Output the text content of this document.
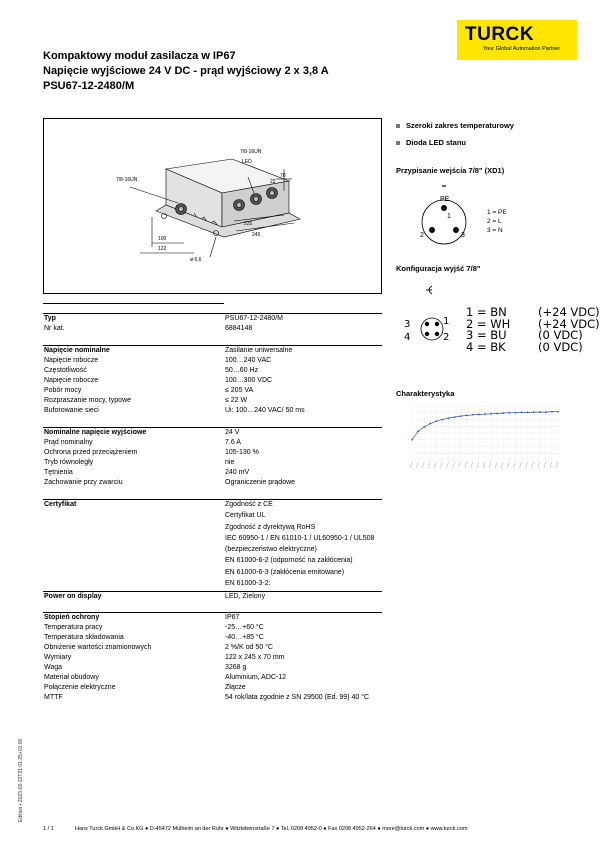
TURCK
Your Global Automation Partner
Kompaktowy moduł zasilacza w IP67
Napięcie wyjściowe 24 V DC - prąd wyjściowy 2 x 3,8 A
PSU67-12-2480/M
7/8-16UN
7/8-16UN
LED
70
22
225
245
100
122
ø 6,6
Typ	PSU67-12-2480/M
Nr kat.	6884148
Napięcie nominalne	Zasilanie uniwersalne
Napięcie robocze	100…240 VAC
Częstotliwość	50…60 Hz
Napięcie robocze	100…300 VDC
Pobór mocy	≤ 205 VA
Rozpraszanie mocy, typowe	≤ 22 W
Buforowanie sieci	Ui: 100…240 VAC/ 50 ms
Nominalne napięcie wyjściowe	24 V
Prąd nominalny	7.6 A
Ochrona przed przeciążeniem	105-130 %
Tryb równoległy	nie
Tętnienia	240 mV
Zachowanie przy zwarciu	Ograniczenie prądowe
Certyfikat	Zgodność z CE
Certyfikat UL
Zgodność z dyrektywą RoHS
IEC 60950-1 / EN 61010-1 / UL60950-1 / UL508
(bezpieczeństwo elektryczne)
EN 61000-6-2 (odporność na zakłócenia)
EN 61000-6-3 (zakłócenia emitowane)
EN 61000-3-2:
Power on display	LED, Zielony
Stopień ochrony	IP67
Temperatura pracy	-25…+60 °C
Temperatura składowania	-40…+85 °C
Obniżenie wartości znamionowych	2 %/K od 50 °C
Wymiary	122 x 245 x 70 mm
Waga	3268 g
Materiał obudowy	Aluminium, ADC-12
Połączenie elektryczne	Złącze
MTTF	54 rok/lata zgodnie z SN 29500 (Ed. 99) 40 °C
Szeroki zakres temperaturowy
Dioda LED stanu
Przypisanie wejścia 7/8" (XD1)
PE
1
2	3
1 = PE
2 = L
3 = N
Konfiguracja wyjść 7/8"
1
2
3
4
1 = BN	(+24 VDC)
2 = WH (+24 VDC)
3 = BU	(0 VDC)
4 = BK	(0 VDC)
Charakterystyka
Edition • 2023-02-22T21:01:25+01:00
1 / 1	Hans Turck GmbH & Co.KG ● D-45472 Mülheim an der Ruhr ● Witzlebenstraße 7 ● Tel. 0208 4952-0 ● Fax 0208 4952-264 ● more@turck.com ● www.turck.com
